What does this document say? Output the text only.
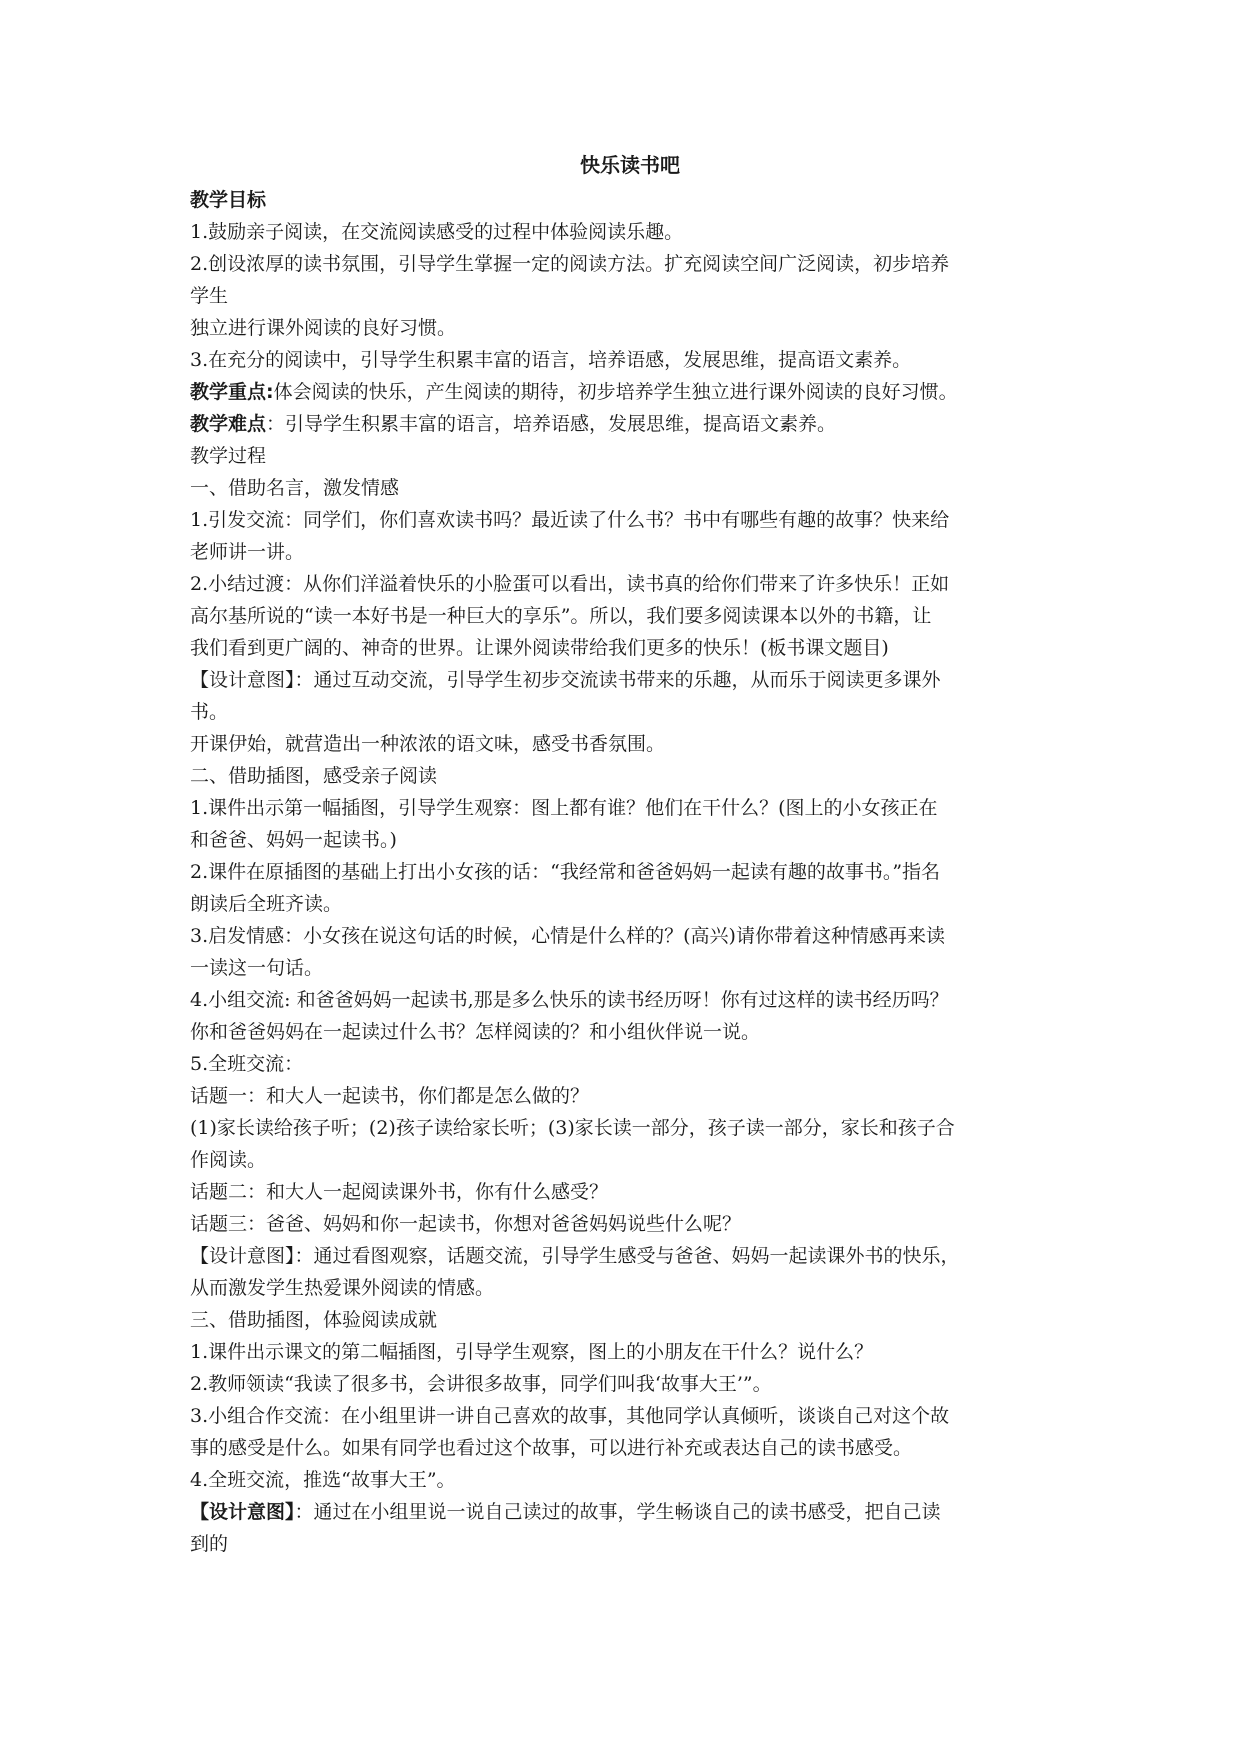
快乐读书吧

教学目标

1.鼓励亲子阅读，在交流阅读感受的过程中体验阅读乐趣。

2.创设浓厚的读书氛围，引导学生掌握一定的阅读方法。扩充阅读空间广泛阅读，初步培养

学生

独立进行课外阅读的良好习惯。

3.在充分的阅读中，引导学生积累丰富的语言，培养语感，发展思维，提高语文素养。

教学重点:体会阅读的快乐，产生阅读的期待，初步培养学生独立进行课外阅读的良好习惯。

教学难点：引导学生积累丰富的语言，培养语感，发展思维，提高语文素养。

教学过程

一、借助名言，激发情感

1.引发交流：同学们，你们喜欢读书吗？最近读了什么书？书中有哪些有趣的故事？快来给

老师讲一讲。

2.小结过渡：从你们洋溢着快乐的小脸蛋可以看出，读书真的给你们带来了许多快乐！正如

高尔基所说的“读一本好书是一种巨大的享乐”。所以，我们要多阅读课本以外的书籍，让

我们看到更广阔的、神奇的世界。让课外阅读带给我们更多的快乐！(板书课文题目)

【设计意图】：通过互动交流，引导学生初步交流读书带来的乐趣，从而乐于阅读更多课外

书。

开课伊始，就营造出一种浓浓的语文味，感受书香氛围。

二、借助插图，感受亲子阅读

1.课件出示第一幅插图，引导学生观察：图上都有谁？他们在干什么？(图上的小女孩正在

和爸爸、妈妈一起读书。)

2.课件在原插图的基础上打出小女孩的话：“我经常和爸爸妈妈一起读有趣的故事书。”指名

朗读后全班齐读。

3.启发情感：小女孩在说这句话的时候，心情是什么样的？(高兴)请你带着这种情感再来读

一读这一句话。

4.小组交流: 和爸爸妈妈一起读书,那是多么快乐的读书经历呀！你有过这样的读书经历吗？

你和爸爸妈妈在一起读过什么书？怎样阅读的？和小组伙伴说一说。

5.全班交流：

话题一：和大人一起读书，你们都是怎么做的？

(1)家长读给孩子听；(2)孩子读给家长听；(3)家长读一部分，孩子读一部分，家长和孩子合

作阅读。

话题二：和大人一起阅读课外书，你有什么感受？

话题三：爸爸、妈妈和你一起读书，你想对爸爸妈妈说些什么呢？

【设计意图】：通过看图观察，话题交流，引导学生感受与爸爸、妈妈一起读课外书的快乐，

从而激发学生热爱课外阅读的情感。

三、借助插图，体验阅读成就

1.课件出示课文的第二幅插图，引导学生观察，图上的小朋友在干什么？说什么？

2.教师领读“我读了很多书，会讲很多故事，同学们叫我‘故事大王’”。

3.小组合作交流：在小组里讲一讲自己喜欢的故事，其他同学认真倾听，谈谈自己对这个故

事的感受是什么。如果有同学也看过这个故事，可以进行补充或表达自己的读书感受。

4.全班交流，推选“故事大王”。

【设计意图】：通过在小组里说一说自己读过的故事，学生畅谈自己的读书感受，把自己读

到的
